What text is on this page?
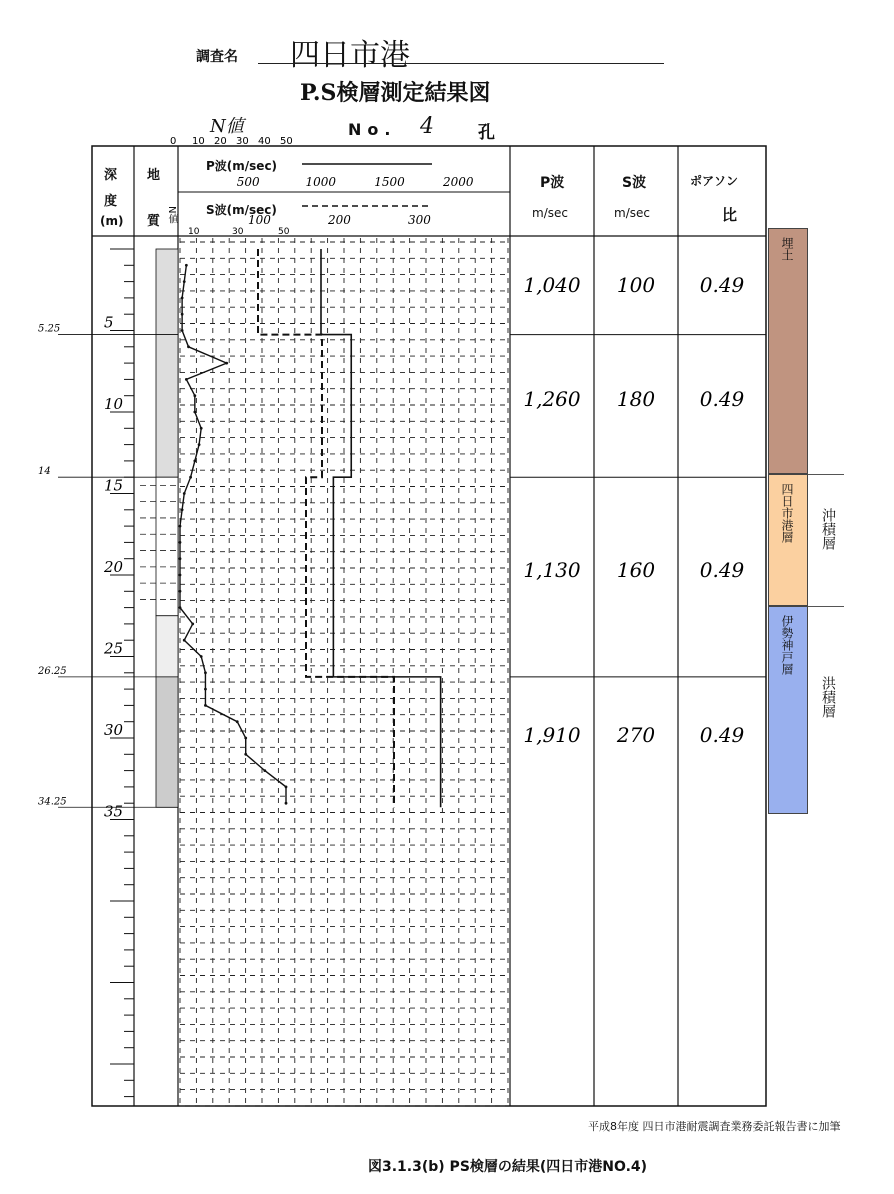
調査名 四日市港
P.S検層測定結果図
N値	No. 4	孔
5
10
15
20
25
30
35
5.25
14
26.25
34.25
0 10 20 30 40 50
500	1000	1500	2000
100	200	300
10	30	50
1,040 100 0.49
1,260 180 0.49
1,130 160 0.49
1,910 270 0.49
深
度
(m)
地
質 N値
P波(m/sec)
S波(m/sec)
P波
m/sec
S波
m/sec
ポアソン
比
埋土
四日市港層
伊勢神戸層
沖積層
洪積層
平成8年度 四日市港耐震調査業務委託報告書に加筆
図3.1.3(b) PS検層の結果(四日市港NO.4)
